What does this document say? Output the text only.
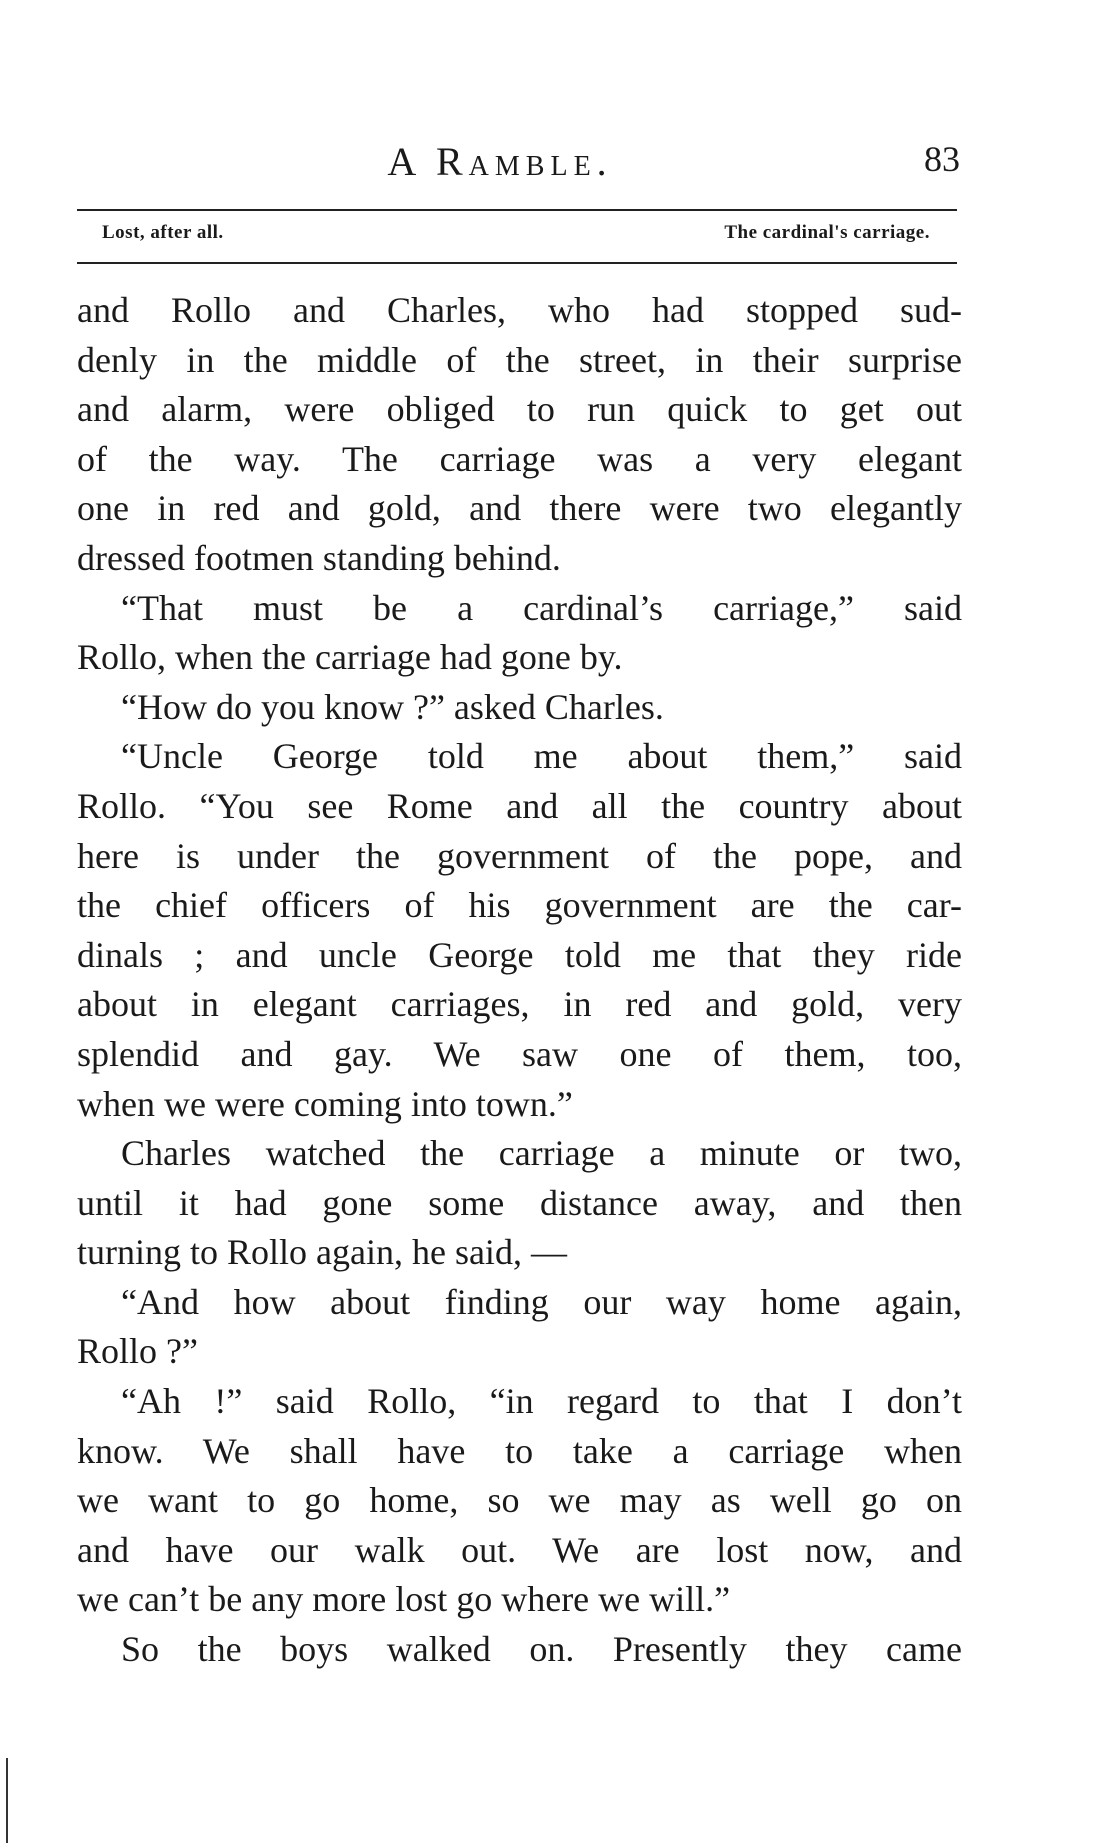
A Ramble.	83
Lost, after all.	The cardinal's carriage.
and Rollo and Charles, who had stopped sud-
denly in the middle of the street, in their surprise
and alarm, were obliged to run quick to get out
of the way. The carriage was a very elegant
one in red and gold, and there were two elegantly
dressed footmen standing behind.
“That must be a cardinal’s carriage,” said
Rollo, when the carriage had gone by.
“How do you know ?” asked Charles.
“Uncle George told me about them,” said
Rollo. “You see Rome and all the country about
here is under the government of the pope, and
the chief officers of his government are the car-
dinals ; and uncle George told me that they ride
about in elegant carriages, in red and gold, very
splendid and gay. We saw one of them, too,
when we were coming into town.”
Charles watched the carriage a minute or two,
until it had gone some distance away, and then
turning to Rollo again, he said, —
“And how about finding our way home again,
Rollo ?”
“Ah !” said Rollo, “in regard to that I don’t
know. We shall have to take a carriage when
we want to go home, so we may as well go on
and have our walk out. We are lost now, and
we can’t be any more lost go where we will.”
So the boys walked on. Presently they came
